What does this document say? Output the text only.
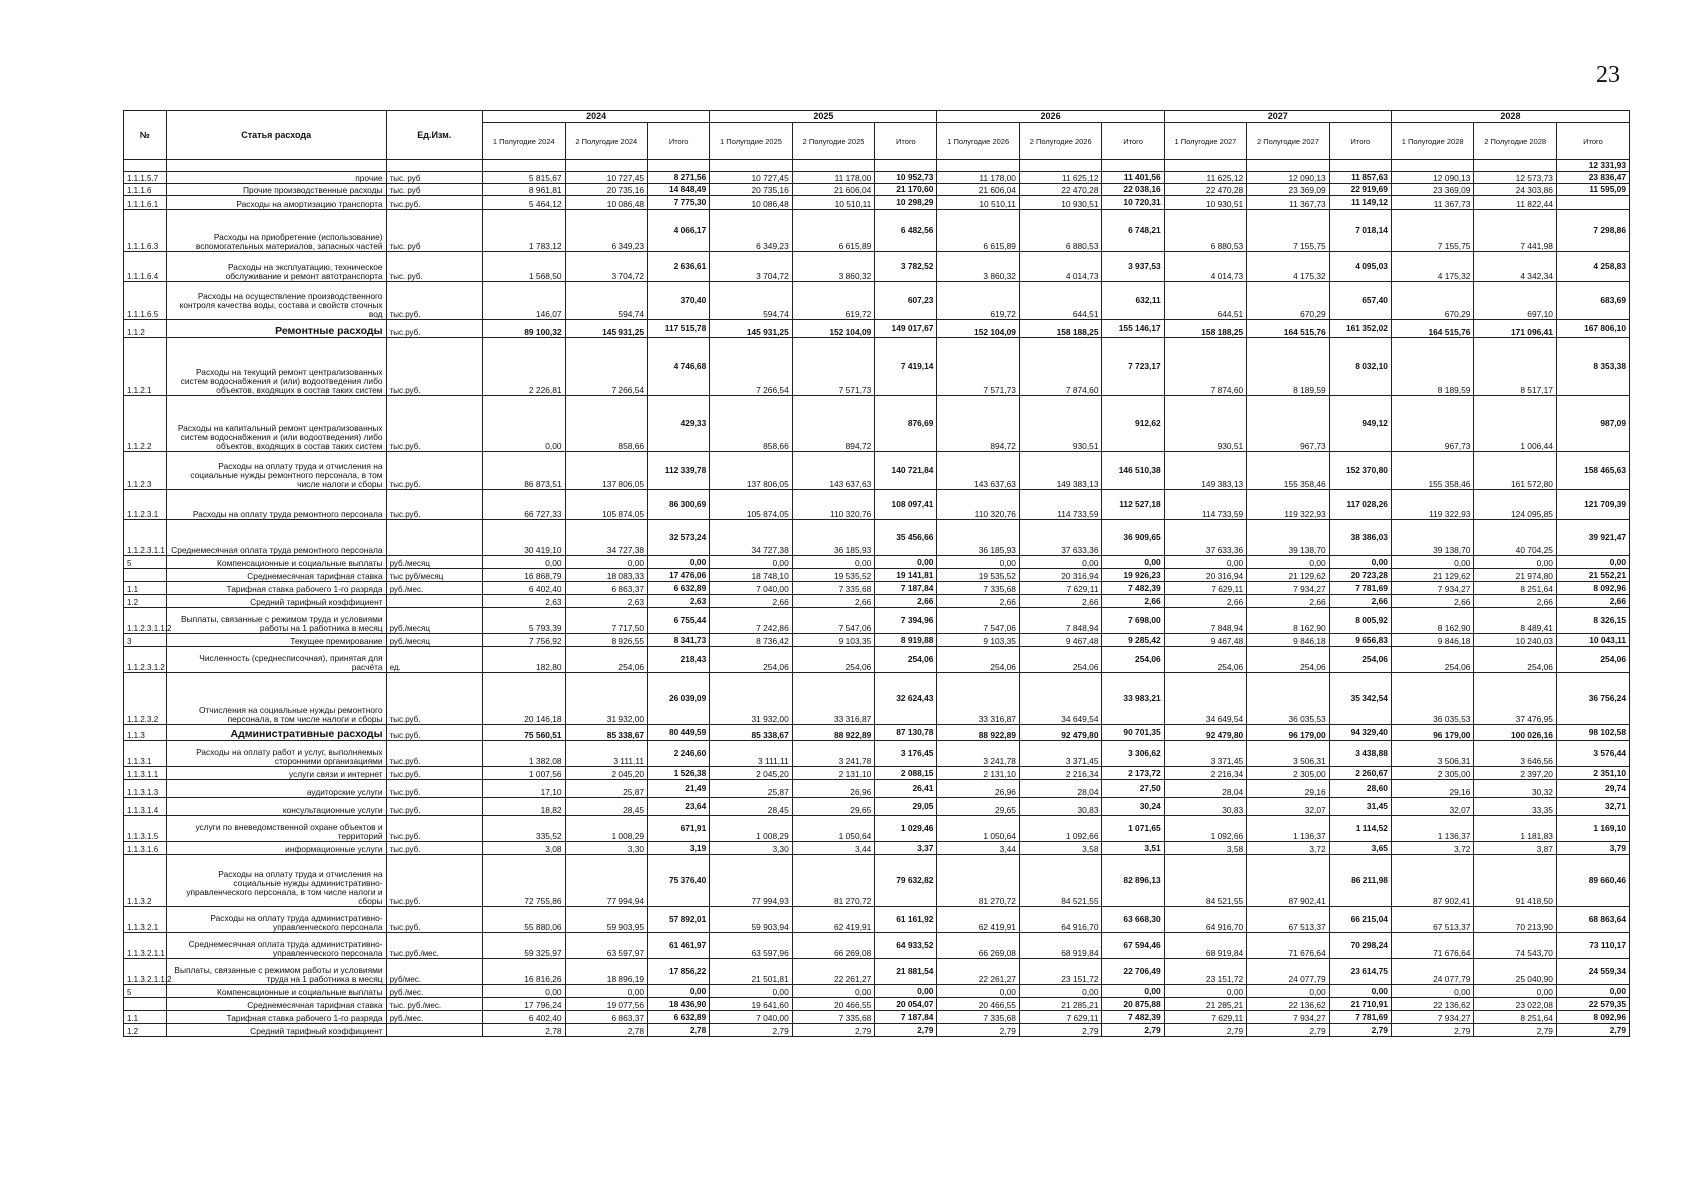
23
№	Статья расхода	Ед.Изм.	2024			2025			2026			2027			2028		
			1 Полугодие 2024	2 Полугодие 2024	Итого	1 Полугодие 2025	2 Полугодие 2025	Итого	1 Полугодие 2026	2 Полугодие 2026	Итого	1 Полугодие 2027	2 Полугодие 2027	Итого	1 Полугодие 2028	2 Полугодие 2028	Итого
																	12 331,93
1.1.1.5.7	прочие	тыс. руб	5 815,67	10 727,45	8 271,56	10 727,45	11 178,00	10 952,73	11 178,00	11 625,12	11 401,56	11 625,12	12 090,13	11 857,63	12 090,13	12 573,73	23 836,47
1.1.1.6	Прочие производственные расходы	тыс. руб	8 961,81	20 735,16	14 848,49	20 735,16	21 606,04	21 170,60	21 606,04	22 470,28	22 038,16	22 470,28	23 369,09	22 919,69	23 369,09	24 303,86	11 595,09
1.1.1.6.1	Расходы на амортизацию транспорта	тыс.руб.	5 464,12	10 086,48	7 775,30	10 086,48	10 510,11	10 298,29	10 510,11	10 930,51	10 720,31	10 930,51	11 367,73	11 149,12	11 367,73	11 822,44	
1.1.1.6.3	Расходы на приобретение (использование) вспомогательных материалов, запасных частей	тыс. руб	1 783,12	6 349,23	4 066,17	6 349,23	6 615,89	6 482,56	6 615,89	6 880,53	6 748,21	6 880,53	7 155,75	7 018,14	7 155,75	7 441,98	7 298,86
1.1.1.6.4	Расходы на эксплуатацию, техническое обслуживание и ремонт автотранспорта	тыс. руб.	1 568,50	3 704,72	2 636,61	3 704,72	3 860,32	3 782,52	3 860,32	4 014,73	3 937,53	4 014,73	4 175,32	4 095,03	4 175,32	4 342,34	4 258,83
1.1.1.6.5	Расходы на осуществление производственного контроля качества воды, состава и свойств сточных вод	тыс.руб.	146,07	594,74	370,40	594,74	619,72	607,23	619,72	644,51	632,11	644,51	670,29	657,40	670,29	697,10	683,69
1.1.2	Ремонтные расходы	тыс.руб.	89 100,32	145 931,25	117 515,78	145 931,25	152 104,09	149 017,67	152 104,09	158 188,25	155 146,17	158 188,25	164 515,76	161 352,02	164 515,76	171 096,41	167 806,10
1.1.2.1	Расходы на текущий ремонт централизованных систем водоснабжения и (или) водоотведения либо объектов, входящих в состав таких систем	тыс.руб.	2 226,81	7 266,54	4 746,68	7 266,54	7 571,73	7 419,14	7 571,73	7 874,60	7 723,17	7 874,60	8 189,59	8 032,10	8 189,59	8 517,17	8 353,38
1.1.2.2	Расходы на капитальный ремонт централизованных систем водоснабжения и (или водоотведения) либо объектов, входящих в состав таких систем	тыс.руб.	0,00	858,66	429,33	858,66	894,72	876,69	894,72	930,51	912,62	930,51	967,73	949,12	967,73	1 006,44	987,09
1.1.2.3	Расходы на оплату труда и отчисления на социальные нужды ремонтного персонала, в том числе налоги и сборы	тыс.руб.	86 873,51	137 806,05	112 339,78	137 806,05	143 637,63	140 721,84	143 637,63	149 383,13	146 510,38	149 383,13	155 358,46	152 370,80	155 358,46	161 572,80	158 465,63
1.1.2.3.1	Расходы на оплату труда ремонтного персонала	тыс.руб.	66 727,33	105 874,05	86 300,69	105 874,05	110 320,76	108 097,41	110 320,76	114 733,59	112 527,18	114 733,59	119 322,93	117 028,26	119 322,93	124 095,85	121 709,39
1.1.2.3.1.1	Среднемесячная оплата труда ремонтного персонала		30 419,10	34 727,38	32 573,24	34 727,38	36 185,93	35 456,66	36 185,93	37 633,36	36 909,65	37 633,36	39 138,70	38 386,03	39 138,70	40 704,25	39 921,47
5	Компенсационные и социальные выплаты	руб./месяц	0,00	0,00	0,00	0,00	0,00	0,00	0,00	0,00	0,00	0,00	0,00	0,00	0,00	0,00	0,00
	Среднемесячная тарифная ставка	тыс руб/месяц	16 868,79	18 083,33	17 476,06	18 748,10	19 535,52	19 141,81	19 535,52	20 316,94	19 926,23	20 316,94	21 129,62	20 723,28	21 129,62	21 974,80	21 552,21
1.1	Тарифная ставка рабочего 1-го разряда	руб./мес.	6 402,40	6 863,37	6 632,89	7 040,00	7 335,68	7 187,84	7 335,68	7 629,11	7 482,39	7 629,11	7 934,27	7 781,69	7 934,27	8 251,64	8 092,96
1.2	Средний тарифный коэффициент		2,63	2,63	2,63	2,66	2,66	2,66	2,66	2,66	2,66	2,66	2,66	2,66	2,66	2,66	2,66
1.1.2.3.1.1.2	Выплаты, связанные с режимом труда и условиями работы на 1 работника в месяц	руб./месяц	5 793,39	7 717,50	6 755,44	7 242,86	7 547,06	7 394,96	7 547,06	7 848,94	7 698,00	7 848,94	8 162,90	8 005,92	8 162,90	8 489,41	8 326,15
3	Текущее премирование	руб./месяц	7 756,92	8 926,55	8 341,73	8 736,42	9 103,35	8 919,88	9 103,35	9 467,48	9 285,42	9 467,48	9 846,18	9 656,83	9 846,18	10 240,03	10 043,11
1.1.2.3.1.2	Численность (среднесписочная), принятая для расчёта	ед.	182,80	254,06	218,43	254,06	254,06	254,06	254,06	254,06	254,06	254,06	254,06	254,06	254,06	254,06	254,06
1.1.2.3.2	Отчисления на социальные нужды ремонтного персонала, в том числе налоги и сборы	тыс.руб.	20 146,18	31 932,00	26 039,09	31 932,00	33 316,87	32 624,43	33 316,87	34 649,54	33 983,21	34 649,54	36 035,53	35 342,54	36 035,53	37 476,95	36 756,24
1.1.3	Административные расходы	тыс.руб.	75 560,51	85 338,67	80 449,59	85 338,67	88 922,89	87 130,78	88 922,89	92 479,80	90 701,35	92 479,80	96 179,00	94 329,40	96 179,00	100 026,16	98 102,58
1.1.3.1	Расходы на оплату работ и услуг, выполняемых сторонними организациями	тыс.руб.	1 382,08	3 111,11	2 246,60	3 111,11	3 241,78	3 176,45	3 241,78	3 371,45	3 306,62	3 371,45	3 506,31	3 438,88	3 506,31	3 646,56	3 576,44
1.1.3.1.1	услуги связи и интернет	тыс.руб.	1 007,56	2 045,20	1 526,38	2 045,20	2 131,10	2 088,15	2 131,10	2 216,34	2 173,72	2 216,34	2 305,00	2 260,67	2 305,00	2 397,20	2 351,10
1.1.3.1.3	аудиторские услуги	тыс.руб.	17,10	25,87	21,49	25,87	26,96	26,41	26,96	28,04	27,50	28,04	29,16	28,60	29,16	30,32	29,74
1.1.3.1.4	консультационные услуги	тыс.руб.	18,82	28,45	23,64	28,45	29,65	29,05	29,65	30,83	30,24	30,83	32,07	31,45	32,07	33,35	32,71
1.1.3.1.5	услуги по вневедомственной охране объектов и территорий	тыс.руб.	335,52	1 008,29	671,91	1 008,29	1 050,64	1 029,46	1 050,64	1 092,66	1 071,65	1 092,66	1 136,37	1 114,52	1 136,37	1 181,83	1 169,10
1.1.3.1.6	информационные услуги	тыс.руб.	3,08	3,30	3,19	3,30	3,44	3,37	3,44	3,58	3,51	3,58	3,72	3,65	3,72	3,87	3,79
1.1.3.2	Расходы на оплату труда и отчисления на социальные нужды административно-управленческого персонала, в том числе налоги и сборы	тыс.руб.	72 755,86	77 994,94	75 376,40	77 994,93	81 270,72	79 632,82	81 270,72	84 521,55	82 896,13	84 521,55	87 902,41	86 211,98	87 902,41	91 418,50	89 660,46
1.1.3.2.1	Расходы на оплату труда административно-управленческого персонала	тыс.руб.	55 880,06	59 903,95	57 892,01	59 903,94	62 419,91	61 161,92	62 419,91	64 916,70	63 668,30	64 916,70	67 513,37	66 215,04	67 513,37	70 213,90	68 863,64
1.1.3.2.1.1	Среднемесячная оплата труда административно-управленческого персонала	тыс.руб./мес.	59 325,97	63 597,97	61 461,97	63 597,96	66 269,08	64 933,52	66 269,08	68 919,84	67 594,46	68 919,84	71 676,64	70 298,24	71 676,64	74 543,70	73 110,17
1.1.3.2.1.1.2	Выплаты, связанные с режимом работы и условиями труда на 1 работника в месяц	руб/мес.	16 816,26	18 896,19	17 856,22	21 501,81	22 261,27	21 881,54	22 261,27	23 151,72	22 706,49	23 151,72	24 077,79	23 614,75	24 077,79	25 040,90	24 559,34
5	Компенсационные и социальные выплаты	руб./мес.	0,00	0,00	0,00	0,00	0,00	0,00	0,00	0,00	0,00	0,00	0,00	0,00	0,00	0,00	0,00
	Среднемесячная тарифная ставка	тыс. руб./мес.	17 796,24	19 077,56	18 436,90	19 641,60	20 466,55	20 054,07	20 466,55	21 285,21	20 875,88	21 285,21	22 136,62	21 710,91	22 136,62	23 022,08	22 579,35
1.1	Тарифная ставка рабочего 1-го разряда	руб./мес.	6 402,40	6 863,37	6 632,89	7 040,00	7 335,68	7 187,84	7 335,68	7 629,11	7 482,39	7 629,11	7 934,27	7 781,69	7 934,27	8 251,64	8 092,96
1.2	Средний тарифный коэффициент		2,78	2,78	2,78	2,79	2,79	2,79	2,79	2,79	2,79	2,79	2,79	2,79	2,79	2,79	2,79
